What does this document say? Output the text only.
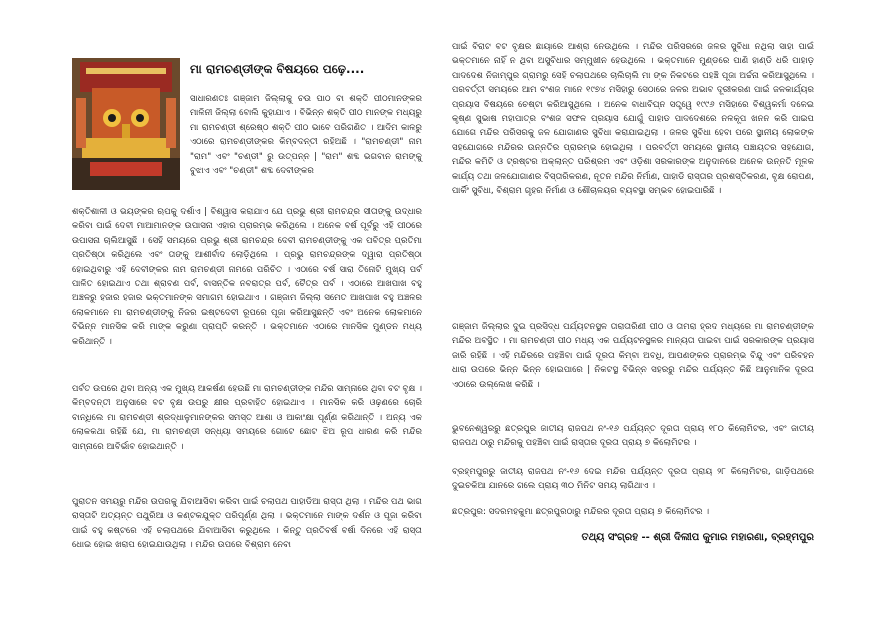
ମା ରାମଚଣ୍ଡୀଙ୍କ ବିଷୟରେ ପଢ଼େ....

ସାଧାରଣତଃ ଗଞ୍ଜାମ ଜିଲ୍ଲାକୁ ଚଉ ପାଠ ବା ଶକ୍ତି ପୀଠମାନଙ୍କର ମାଳିନୀ ଜିଲ୍ଲା ବୋଲି କୁହାଯାଏ । ବିଭିନ୍ନ ଶକ୍ତି ପୀଠ ମାନଙ୍କ ମଧ୍ୟରୁ ମା ରାମଚଣ୍ଡୀ ଶ୍ରେଷ୍ଠ ଶକ୍ତି ପୀଠ ଭାବେ ପରିଗଣିତ । ଆଦିମ କାଳରୁ ଏଠାରେ ରାମଚଣ୍ଡୀଙ୍କର କିମ୍ବଦନ୍ତୀ ରହିଅଛି । "ରାମଚଣ୍ଡୀ" ନାମ "ରାମ" ଏବଂ "ଚଣ୍ଡୀ" ରୁ ଉତ୍ପନ୍ନ | "ରାମ" ଶବ୍ଦ ଭଗବାନ ରାମଙ୍କୁ ବୁଝାଏ ଏବଂ "ଚଣ୍ଡୀ" ଶବ୍ଦ ଦେବୀଙ୍କର

ଶକ୍ତିଶାଳୀ ଓ ଭୟଙ୍କର ଋପକୁ ଦର୍ଶାଏ | ବିଶ୍ୱାସ କରାଯାଏ ଯେ ପ୍ରଭୁ ଶ୍ରୀ ରାମଚନ୍ଦ୍ର ସୀତାଙ୍କୁ ଉଦ୍ଧାର କରିବା ପାଇଁ ଦେବୀ ମାଆମାନଙ୍କ ଉପାସନା ଏହାର ପ୍ରାରମ୍ଭ କରିଥିଲେ । ଅନେକ ବର୍ଷ ପୂର୍ବରୁ ଏହି ପୀଠରେ ଉପାସନା ଚାଲିଆସୁଛି । ସେହି ସମୟରେ ପ୍ରଭୁ ଶ୍ରୀ ରାମଚନ୍ଦ୍ର ଦେବୀ ରାମଚଣ୍ଡୀଙ୍କୁ ଏକ ପବିତ୍ର ପ୍ରତିମା ପ୍ରତିଷ୍ଠା କରିଥିଲେ ଏବଂ ତାଙ୍କୁ ଆଶୀର୍ବାଦ ଲୋଡ଼ିଥିଲେ । ପ୍ରଭୁ ରାମଚନ୍ଦ୍ରଙ୍କ ଦ୍ୱାରା ପ୍ରତିଷ୍ଠା ହୋଇଥିବାରୁ ଏହି ଦେବୀଙ୍କର ନାମ ରାମଚଣ୍ଡୀ ନାମରେ ପରିଚିତ । ଏଠାରେ ବର୍ଷ ସାରା ତିନୋଟି ମୁଖ୍ୟ ପର୍ବ ପାଳିତ ହୋଇଥାଏ ତଥା ଶ୍ରାବଣ ପର୍ବ, ବାସନ୍ତିକ ନବରାତ୍ର ପର୍ବ, ଚୈତ୍ର ପର୍ବ । ଏଠାରେ ଆଖପାଖ ବହୁ ଅଞ୍ଚଳରୁ ହଜାର ହଜାର ଭକ୍ତମାନଙ୍କ ସମାଗମ ହୋଇଥାଏ । ଗଞ୍ଜାମ ଜିଲ୍ଲା ସମେତ ଆଖପାଖ ବହୁ ଅଞ୍ଚଳର ଲୋକମାନେ ମା ରାମଚଣ୍ଡୀଙ୍କୁ ନିଜର ଇଷ୍ଟଦେବୀ ରୂପରେ ପୂଜା କରିଆସୁଛନ୍ତି ଏବଂ ଅନେକ ଲୋକମାନେ ବିଭିନ୍ନ ମାନସିକ କରି ମାଙ୍କ କରୁଣା ପ୍ରାପ୍ତି କରନ୍ତି । ଭକ୍ତମାନେ ଏଠାରେ ମାନସିକ ମୁଣ୍ଡନ ମଧ୍ୟ କରିଥାନ୍ତି ।

ପର୍ବତ ଉପରେ ଥିବା ଅନ୍ୟ ଏକ ମୁଖ୍ୟ ଆକର୍ଷଣ ହେଉଛି ମା ରାମଚଣ୍ଡୀଙ୍କ ମନ୍ଦିର ସାମ୍ନାରେ ଥିବା ବଟ ବୃକ୍ଷ । କିମ୍ବଦନ୍ତୀ ଅନୁସାରେ ବଟ ବୃକ୍ଷ ଉପରୁ କ୍ଷୀର ପ୍ରବାହିତ ହୋଇଥାଏ । ମାନସିକ କରି ଓଢ଼ଣରେ ଚୋରି ବାନ୍ଧିଲେ ମା ରାମଚଣ୍ଡୀ ଶ୍ରଦ୍ଧାଳୁମାନଙ୍କର ସମସ୍ତ ଆଶା ଓ ଆକାଂକ୍ଷା ପୂର୍ଣ୍ଣ କରିଥାନ୍ତି । ଅନ୍ୟ ଏକ ଲୋକକଥା ରହିଛି ଯେ, ମା ରାମଚଣ୍ଡୀ ସନ୍ଧ୍ୟା ସମୟରେ ଗୋଟେ ଛୋଟ ଝିଅ ରୂପ ଧାରଣ କରି ମନ୍ଦିର ସାମ୍ନାରେ ଆବିର୍ଭାବ ହୋଇଥାନ୍ତି ।

ପୁରାତନ ସମୟରୁ ମନ୍ଦିର ଉପରକୁ ଯିବାଆସିବା କରିବା ପାଇଁ ଚଲାପଥ ପାହାଡିଆ ରାସ୍ତା ଥିଲା । ମନ୍ଦିର ପଥ ଭାଗ ରାସ୍ତାଟି ଅତ୍ୟନ୍ତ ପଥୁରିଆ ଓ କଣ୍ଟକଯୁକ୍ତ ପରିପୂର୍ଣ୍ଣ ଥିଲା । ଭକ୍ତମାନେ ମାଙ୍କ ଦର୍ଶନ ଓ ପୂଜା କରିବା ପାଇଁ ବହୁ କଷ୍ଟରେ ଏହି ଚଲାପଥରେ ଯିବାଆସିବା କରୁଥିଲେ । କିନ୍ତୁ ପ୍ରତିବର୍ଷ ବର୍ଷା ଦିନରେ ଏହି ରାସ୍ତା ଧୋଇ ହୋଇ ଖରାପ ହୋଇଯାଉଥିଲା । ମନ୍ଦିର ଉପରେ ବିଶ୍ରାମ ନେବା

ପାଇଁ ବିରାଟ ବଟ ବୃକ୍ଷର ଛାୟାରେ ଆଶ୍ରା ନେଉଥିଲେ । ମନ୍ଦିର ପରିସରରେ ଜଳର ସୁବିଧା ନଥିଲା ସାହା ପାଇଁ ଭକ୍ତମାନେ ନାହିଁ ନ ଥିବା ଅସୁବିଧାର ସମ୍ମୁଖୀନ ହେଉଥିଲେ । ଭକ୍ତମାନେ ମୁଣ୍ଡରେ ପାଣି ହାଣ୍ଡି ଧରି ପାହାଡ଼ ପାଦଦେଶ ନିଜାମ୍ପୁର ଗ୍ରାମରୁ ସେହି ଚଲାପଥରେ ଚାଲିଚାଲି ମା ଙ୍କ ନିକଟରେ ପହଞ୍ଚି ପୂଜା ଅର୍ଚ୍ଚନା କରିଆସୁଥିଲେ । ପରବର୍ତ୍ତୀ ସମୟରେ ଆମ ବଂଶଜ ମାନେ ୧୯୭୪ ମସିହାରୁ ସେଠାରେ ଜଳର ଅଭାବ ଦୂରୀକରଣ ପାଇଁ ଜଳକାର୍ଯ୍ୟର ପ୍ରୟାସ ବିଷୟରେ ଚେଷ୍ଟା କରିଆସୁଥିଲେ । ଅନେକ ବାଧାବିଘ୍ନ ସତ୍ତ୍ୱେ ୧୯୯୬ ମସିହାରେ ବିଶ୍ୱକର୍ମା ଦଳେଇ କୃଷ୍ଣ ସୁଭାଷ ମହାପାତ୍ର ବଂଶଜ ସଫଳ ପ୍ରୟାସ ଯୋଗୁଁ ପାହାଡ ପାଦଦେଶରେ ନଳକୂପ ଖନନ କରି ପାଇପ ଯୋଗେ ମନ୍ଦିର ପରିସରକୁ ଜଳ ଯୋଗାଣର ସୁବିଧା କରାଯାଇଥିଲା । ଜଳର ସୁବିଧା ହେବା ପରେ ସ୍ଥାନୀୟ ଲୋକଙ୍କ ସହଯୋଗରେ ମନ୍ଦିରର ଉନ୍ନତିର ପ୍ରାରମ୍ଭ ହୋଇଥିଲା । ପରବର୍ତ୍ତୀ ସମୟରେ ସ୍ଥାନୀୟ ପଞ୍ଚାୟତର ସହଯୋଗ, ମନ୍ଦିର କମିଟି ଓ ଟ୍ରଷ୍ଟର ଅକ୍ଲାନ୍ତ ପରିଶ୍ରମ ଏବଂ ଓଡ଼ିଶା ସରକାରଙ୍କ ଅନୁଦାନରେ ଅନେକ ଉନ୍ନତି ମୂଳକ କାର୍ଯ୍ୟ ତଥା ଜଳଯୋଗାଣର ବିସ୍ତାରିକରଣ, ନୂତନ ମନ୍ଦିର ନିର୍ମାଣ, ପାହାଡି ରାସ୍ତାର ପ୍ରଶସ୍ତିକରଣ, ବୃକ୍ଷ ରୋପଣ, ପାର୍କିଂ ସୁବିଧା, ବିଶ୍ରାମ ଗୃହର ନିର୍ମାଣ ଓ ଶୌଚାଳୟର ବ୍ୟବସ୍ଥା ସମ୍ଭବ ହୋଇପାରିଛି ।

ଗଞ୍ଜାମ ଜିଲ୍ଲାର ଦୁଇ ପ୍ରସିଦ୍ଧ ପର୍ଯ୍ୟଟନସ୍ଥଳ ତାରାତାରିଣୀ ପୀଠ ଓ ତାମରା ହ୍ରଦ ମଧ୍ୟରେ ମା ରାମଚଣ୍ଡୀଙ୍କ ମନ୍ଦିର ଅବସ୍ଥିତ । ମା ରାମଚଣ୍ଡୀ ପୀଠ ମଧ୍ୟ ଏକ ପର୍ଯ୍ୟଟନସ୍ଥଳର ମାନ୍ୟତା ପାଇବା ପାଇଁ ସରକାରଙ୍କ ପ୍ରୟାସ ଜାରି ରହିଛି । ଏହି ମନ୍ଦିରରେ ପହଞ୍ଚିବା ପାଇଁ ଦୂରତା କିମ୍ବା ଅବଧି, ଆପଣଙ୍କର ପ୍ରାରମ୍ଭ ବିନ୍ଦୁ ଏବଂ ପରିବହନ ଧାରା ଉପରେ ଭିନ୍ନ ଭିନ୍ନ ହୋଇପାରେ | ନିକଟସ୍ଥ ବିଭିନ୍ନ ସହରରୁ ମନ୍ଦିର ପର୍ଯ୍ୟନ୍ତ କିଛି ଆନୁମାନିକ ଦୂରତା ଏଠାରେ ଉଲ୍ଲେଖ କରିଛି ।

ଭୁବନେଶ୍ୱରରୁ ଛତ୍ରପୁର ଜାତୀୟ ରାଜପଥ ନଂ-୧୬ ପର୍ଯ୍ୟନ୍ତ ଦୂରତା ପ୍ରାୟ ୧୮୦ କିଲୋମିଟର, ଏବଂ ଜାତୀୟ ରାଜପଥ ଠାରୁ ମନ୍ଦିରକୁ ପହଞ୍ଚିବା ପାଇଁ ରାସ୍ତାର ଦୂରତା ପ୍ରାୟ ୭ କିଲୋମିଟର ।

ବ୍ରହ୍ମପୁରରୁ ଜାତୀୟ ରାଜପଥ ନଂ-୧୬ ଦେଇ ମନ୍ଦିର ପର୍ଯ୍ୟନ୍ତ ଦୂରତା ପ୍ରାୟ ୨୮ କିଲୋମିଟର, ଗାଡ଼ିପଥରେ ଦୁଇଚକିଆ ଯାନରେ ଗଲେ ପ୍ରାୟ ୩୦ ମିନିଟ ସମୟ ଲାଗିଥାଏ ।

ଛତ୍ରପୁର: ସଦରମହକୁମା ଛତ୍ରପୁରଠାରୁ ମନ୍ଦିରର ଦୂରତା ପ୍ରାୟ ୭ କିଲୋମିଟର ।

ତଥ୍ୟ ସଂଗ୍ରହ -- ଶ୍ରୀ ଦିଲୀପ କୁମାର ମହାରଣା, ବ୍ରହ୍ମପୁର
